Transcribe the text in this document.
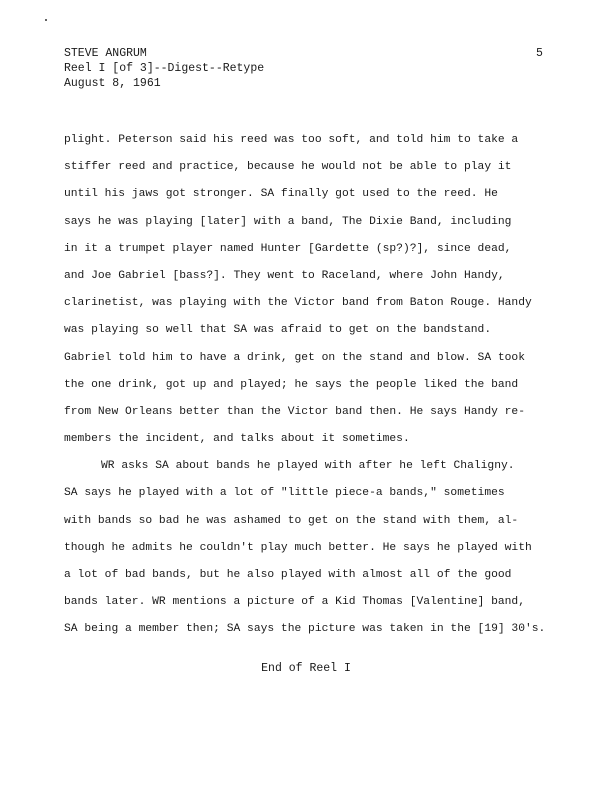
STEVE ANGRUM
Reel I [of 3]--Digest--Retype
August 8, 1961
5
plight. Peterson said his reed was too soft, and told him to take a
stiffer reed and practice, because he would not be able to play it
until his jaws got stronger. SA finally got used to the reed. He
says he was playing [later] with a band, The Dixie Band, including
in it a trumpet player named Hunter [Gardette (sp?)?], since dead,
and Joe Gabriel [bass?]. They went to Raceland, where John Handy,
clarinetist, was playing with the Victor band from Baton Rouge. Handy
was playing so well that SA was afraid to get on the bandstand.
Gabriel told him to have a drink, get on the stand and blow. SA took
the one drink, got up and played; he says the people liked the band
from New Orleans better than the Victor band then. He says Handy re-
members the incident, and talks about it sometimes.
WR asks SA about bands he played with after he left Chaligny.
SA says he played with a lot of "little piece-a bands," sometimes
with bands so bad he was ashamed to get on the stand with them, al-
though he admits he couldn't play much better. He says he played with
a lot of bad bands, but he also played with almost all of the good
bands later. WR mentions a picture of a Kid Thomas [Valentine] band,
SA being a member then; SA says the picture was taken in the [19] 30's.
End of Reel I
